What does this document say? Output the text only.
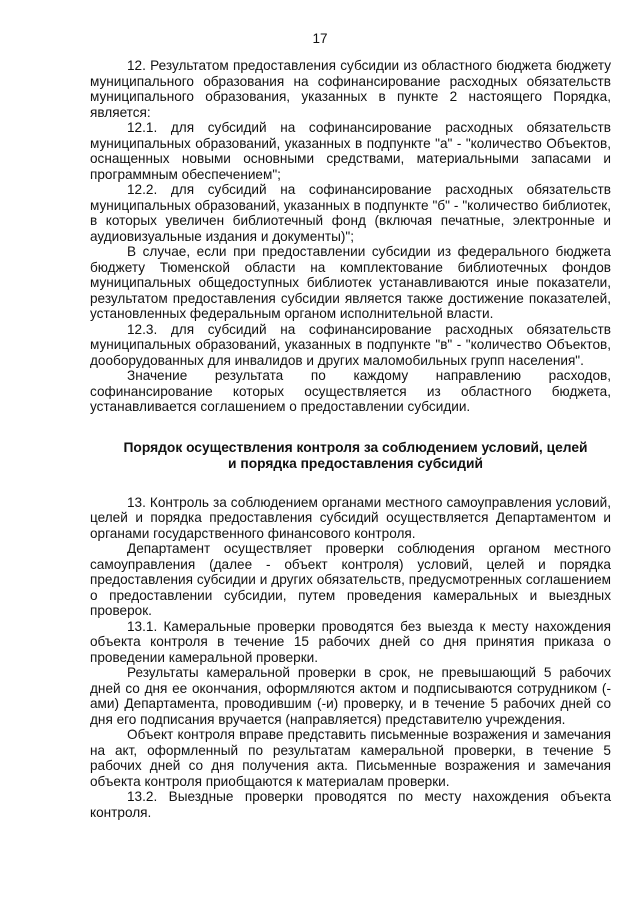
17

12. Результатом предоставления субсидии из областного бюджета бюджету муниципального образования на софинансирование расходных обязательств муниципального образования, указанных в пункте 2 настоящего Порядка, является:

12.1. для субсидий на софинансирование расходных обязательств муниципальных образований, указанных в подпункте "а" - "количество Объектов, оснащенных новыми основными средствами, материальными запасами и программным обеспечением";

12.2. для субсидий на софинансирование расходных обязательств муниципальных образований, указанных в подпункте "б" - "количество библиотек, в которых увеличен библиотечный фонд (включая печатные, электронные и аудиовизуальные издания и документы)";

В случае, если при предоставлении субсидии из федерального бюджета бюджету Тюменской области на комплектование библиотечных фондов муниципальных общедоступных библиотек устанавливаются иные показатели, результатом предоставления субсидии является также достижение показателей, установленных федеральным органом исполнительной власти.

12.3. для субсидий на софинансирование расходных обязательств муниципальных образований, указанных в подпункте "в" - "количество Объектов, дооборудованных для инвалидов и других маломобильных групп населения".

Значение результата по каждому направлению расходов, софинансирование которых осуществляется из областного бюджета, устанавливается соглашением о предоставлении субсидии.

Порядок осуществления контроля за соблюдением условий, целей
и порядка предоставления субсидий

13. Контроль за соблюдением органами местного самоуправления условий, целей и порядка предоставления субсидий осуществляется Департаментом и органами государственного финансового контроля.

Департамент осуществляет проверки соблюдения органом местного самоуправления (далее - объект контроля) условий, целей и порядка предоставления субсидии и других обязательств, предусмотренных соглашением о предоставлении субсидии, путем проведения камеральных и выездных проверок.

13.1. Камеральные проверки проводятся без выезда к месту нахождения объекта контроля в течение 15 рабочих дней со дня принятия приказа о проведении камеральной проверки.

Результаты камеральной проверки в срок, не превышающий 5 рабочих дней со дня ее окончания, оформляются актом и подписываются сотрудником (-ами) Департамента, проводившим (-и) проверку, и в течение 5 рабочих дней со дня его подписания вручается (направляется) представителю учреждения.

Объект контроля вправе представить письменные возражения и замечания на акт, оформленный по результатам камеральной проверки, в течение 5 рабочих дней со дня получения акта. Письменные возражения и замечания объекта контроля приобщаются к материалам проверки.

13.2. Выездные проверки проводятся по месту нахождения объекта контроля.
